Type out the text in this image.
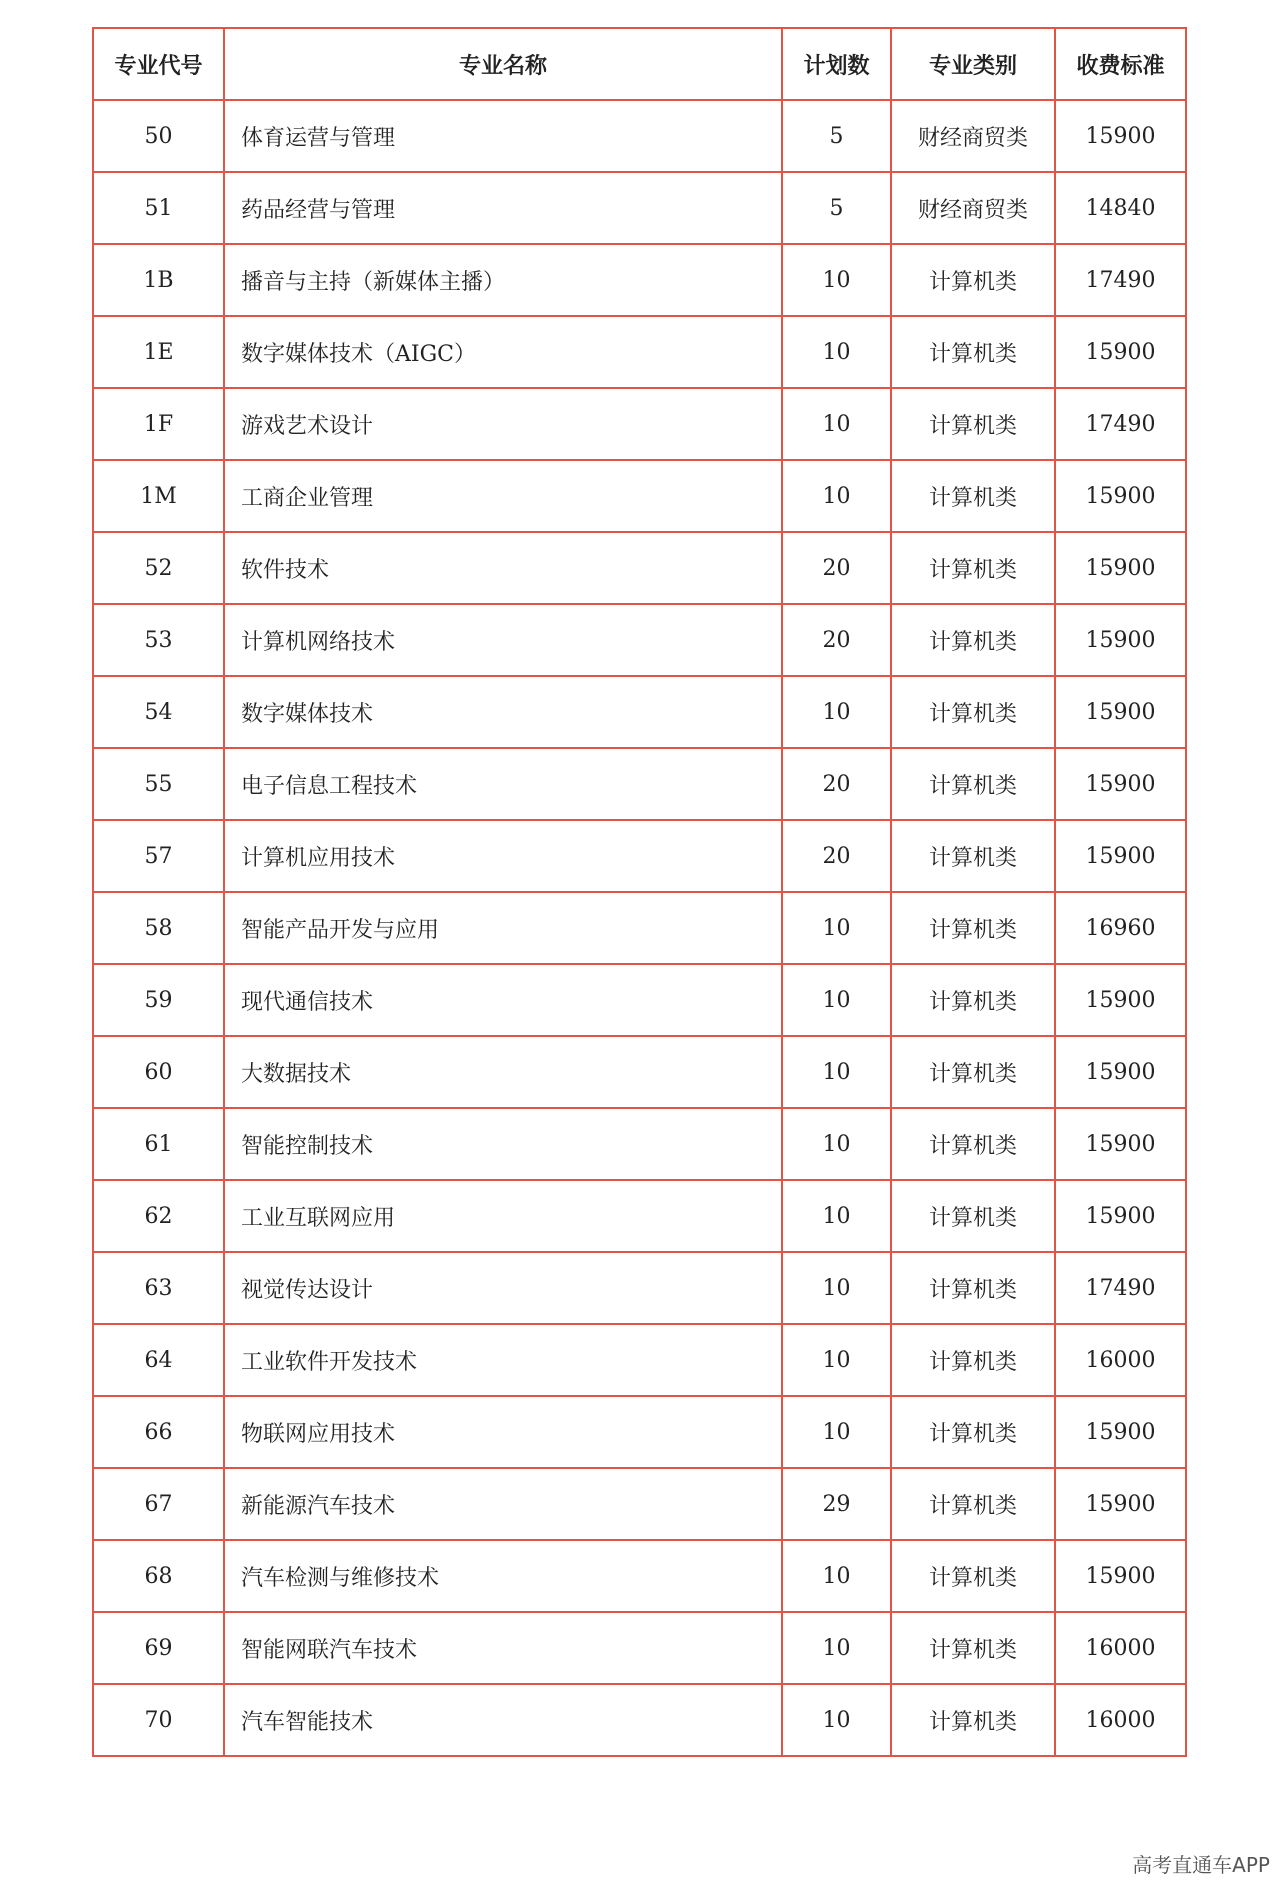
专业代号	专业名称	计划数	专业类别	收费标准
50	体育运营与管理	5	财经商贸类	15900
51	药品经营与管理	5	财经商贸类	14840
1B	播音与主持（新媒体主播）	10	计算机类	17490
1E	数字媒体技术（AIGC）	10	计算机类	15900
1F	游戏艺术设计	10	计算机类	17490
1M	工商企业管理	10	计算机类	15900
52	软件技术	20	计算机类	15900
53	计算机网络技术	20	计算机类	15900
54	数字媒体技术	10	计算机类	15900
55	电子信息工程技术	20	计算机类	15900
57	计算机应用技术	20	计算机类	15900
58	智能产品开发与应用	10	计算机类	16960
59	现代通信技术	10	计算机类	15900
60	大数据技术	10	计算机类	15900
61	智能控制技术	10	计算机类	15900
62	工业互联网应用	10	计算机类	15900
63	视觉传达设计	10	计算机类	17490
64	工业软件开发技术	10	计算机类	16000
66	物联网应用技术	10	计算机类	15900
67	新能源汽车技术	29	计算机类	15900
68	汽车检测与维修技术	10	计算机类	15900
69	智能网联汽车技术	10	计算机类	16000
70	汽车智能技术	10	计算机类	16000
高考直通车APP
